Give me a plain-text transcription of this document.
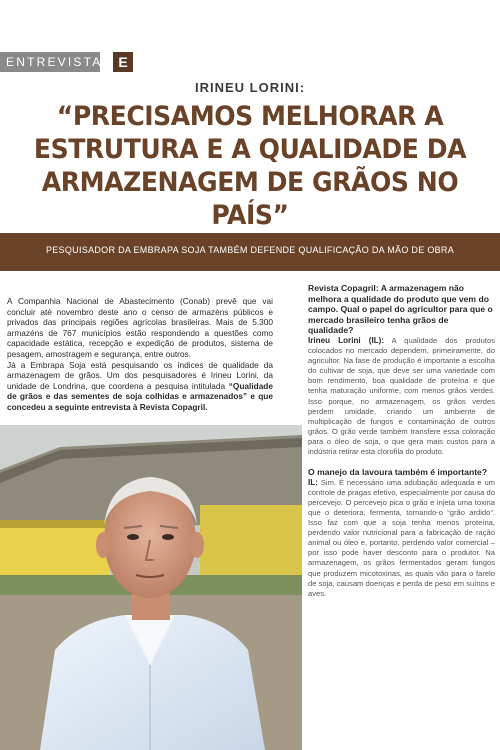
ENTREVISTA	E
IRINEU LORINI:
“PRECISAMOS MELHORAR A
ESTRUTURA E A QUALIDADE DA
ARMAZENAGEM DE GRÃOS NO PAÍS”
PESQUISADOR DA EMBRAPA SOJA TAMBÉM DEFENDE QUALIFICAÇÃO DA MÃO DE OBRA

A Companhia Nacional de Abastecimento (Conab) prevê que vai concluir até novembro deste ano o censo de armazéns públicos e privados das principais regiões agrícolas brasileiras. Mais de 5.300 armazéns de 767 municípios estão respondendo a questões como capacidade estática, recepção e expedição de produtos, sistema de pesagem, amostragem e segurança, entre outros.

Já a Embrapa Soja está pesquisando os índices de qualidade da armazenagem de grãos. Um dos pesquisadores é Irineu Lorini, da unidade de Londrina, que coordena a pesquisa intitulada “Qualidade de grãos e das sementes de soja colhidas e armazenados” e que concedeu a seguinte entrevista à Revista Copagril.

Revista Copagril: A armazenagem não melhora a qualidade do produto que vem do campo. Qual o papel do agricultor para que o mercado brasileiro tenha grãos de qualidade?

Irineu Lorini (IL): A qualidade dos produtos colocados no mercado dependem, primeiramente, do agricultor. Na fase de produção é importante a escolha do cultivar de soja, que deve ser uma variedade com bom rendimento, boa qualidade de proteína e que tenha maturação uniforme, com menos grãos verdes. Isso porque, no armazenagem, os grãos verdes perdem umidade, criando um ambiente de multiplicação de fungos e contaminação de outros grãos. O grão verde também transfere essa coloração para o óleo de soja, o que gera mais custos para a indústria retirar esta clorofila do produto.

O manejo da lavoura também é importante?

IL: Sim. É necessário uma adubação adequada e um controle de pragas efetivo, especialmente por causa do percevejo. O percevejo pica o grão e injeta uma toxina que o deteriora, fermenta, tornando-o “grão ardido”. Isso faz com que a soja tenha menos proteína, perdendo valor nutricional para a fabricação de ração animal ou óleo e, portanto, perdendo valor comercial – por isso pode haver desconto para o produtor. Na armazenagem, os grãos fermentados geram fungos que produzem micotoxinas, as quais vão para o farelo de soja, causam doenças e perda de peso em suínos e aves.
